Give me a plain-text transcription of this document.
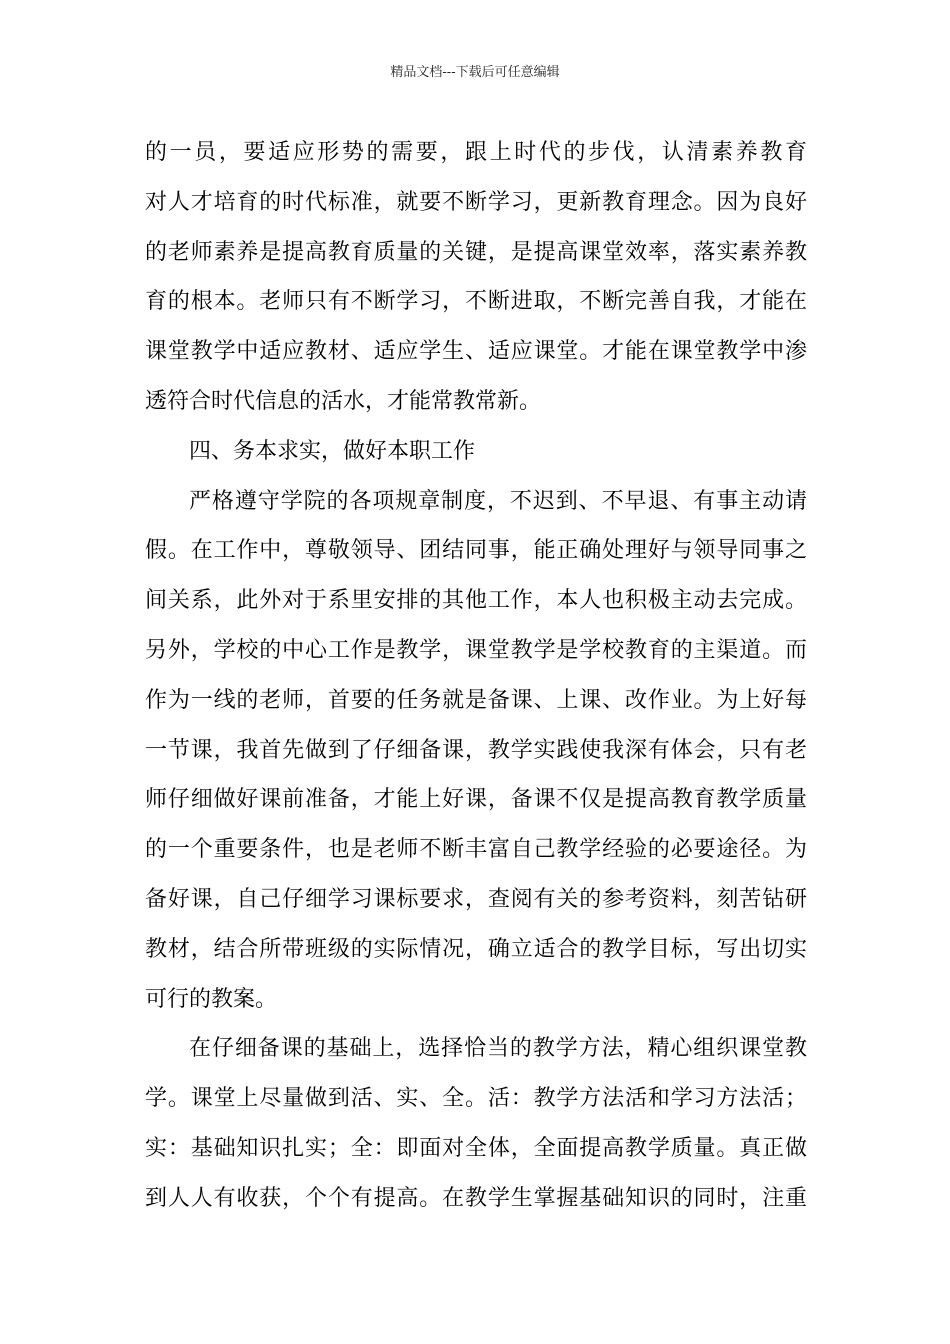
精品文档---下载后可任意编辑
的一员，要适应形势的需要，跟上时代的步伐，认清素养教育
对人才培育的时代标准，就要不断学习，更新教育理念。因为良好
的老师素养是提高教育质量的关键，是提高课堂效率，落实素养教
育的根本。老师只有不断学习，不断进取，不断完善自我，才能在
课堂教学中适应教材、适应学生、适应课堂。才能在课堂教学中渗
透符合时代信息的活水，才能常教常新。
四、务本求实，做好本职工作
严格遵守学院的各项规章制度，不迟到、不早退、有事主动请
假。在工作中，尊敬领导、团结同事，能正确处理好与领导同事之
间关系，此外对于系里安排的其他工作，本人也积极主动去完成。
另外，学校的中心工作是教学，课堂教学是学校教育的主渠道。而
作为一线的老师，首要的任务就是备课、上课、改作业。为上好每
一节课，我首先做到了仔细备课，教学实践使我深有体会，只有老
师仔细做好课前准备，才能上好课，备课不仅是提高教育教学质量
的一个重要条件，也是老师不断丰富自己教学经验的必要途径。为
备好课，自己仔细学习课标要求，查阅有关的参考资料，刻苦钻研
教材，结合所带班级的实际情况，确立适合的教学目标，写出切实
可行的教案。
在仔细备课的基础上，选择恰当的教学方法，精心组织课堂教
学。课堂上尽量做到活、实、全。活：教学方法活和学习方法活；
实：基础知识扎实；全：即面对全体，全面提高教学质量。真正做
到人人有收获，个个有提高。在教学生掌握基础知识的同时，注重
